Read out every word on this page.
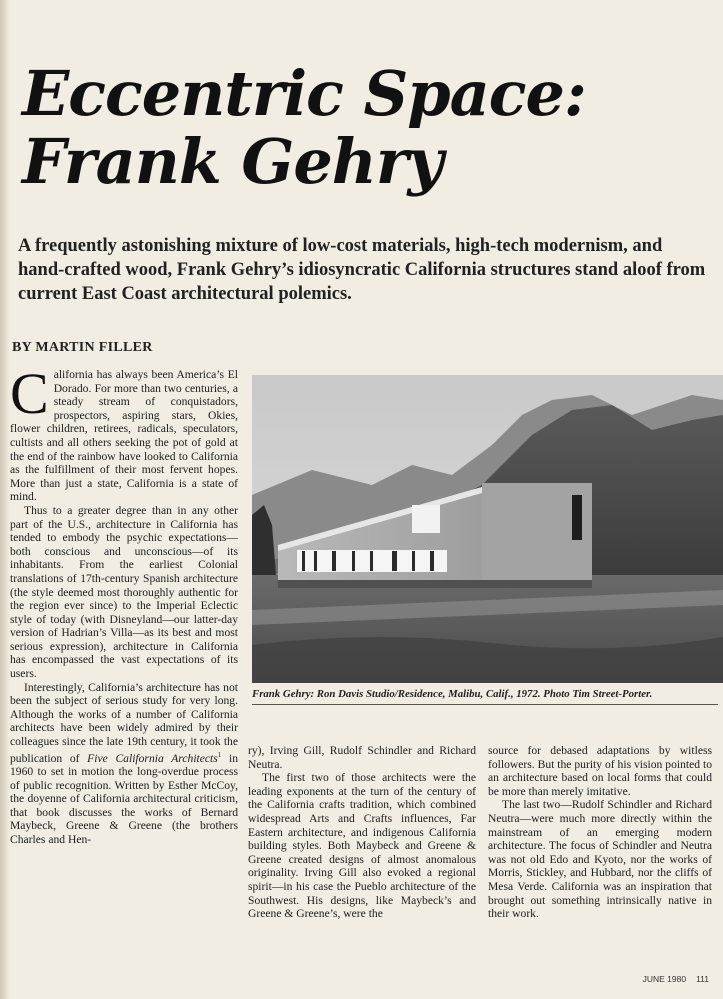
Eccentric Space:
Frank Gehry

A frequently astonishing mixture of low-cost materials, high-tech modernism, and hand-crafted wood, Frank Gehry’s idiosyncratic California structures stand aloof from current East Coast architectural polemics.

BY MARTIN FILLER

California has always been America’s El Dorado. For more than two centuries, a steady stream of conquistadors, prospectors, aspiring stars, Okies, flower children, retirees, radicals, speculators, cultists and all others seeking the pot of gold at the end of the rainbow have looked to California as the fulfillment of their most fervent hopes. More than just a state, California is a state of mind.

Thus to a greater degree than in any other part of the U.S., architecture in California has tended to embody the psychic expectations—both conscious and unconscious—of its inhabitants. From the earliest Colonial translations of 17th-century Spanish architecture (the style deemed most thoroughly authentic for the region ever since) to the Imperial Eclectic style of today (with Disneyland—our latter-day version of Hadrian’s Villa—as its best and most serious expression), architecture in California has encompassed the vast expectations of its users.

Interestingly, California’s architecture has not been the subject of serious study for very long. Although the works of a number of California architects have been widely admired by their colleagues since the late 19th century, it took the publication of Five California Architects$^1$ in 1960 to set in motion the long-overdue process of public recognition. Written by Esther McCoy, the doyenne of California architectural criticism, that book discusses the works of Bernard Maybeck, Greene & Greene (the brothers Charles and Hen-

Frank Gehry: Ron Davis Studio/Residence, Malibu, Calif., 1972. Photo Tim Street-Porter.

ry), Irving Gill, Rudolf Schindler and Richard Neutra.

The first two of those architects were the leading exponents at the turn of the century of the California crafts tradition, which combined widespread Arts and Crafts influences, Far Eastern architecture, and indigenous California building styles. Both Maybeck and Greene & Greene created designs of almost anomalous originality. Irving Gill also evoked a regional spirit—in his case the Pueblo architecture of the Southwest. His designs, like Maybeck’s and Greene & Greene’s, were the

source for debased adaptations by witless followers. But the purity of his vision pointed to an architecture based on local forms that could be more than merely imitative.

The last two—Rudolf Schindler and Richard Neutra—were much more directly within the mainstream of an emerging modern architecture. The focus of Schindler and Neutra was not old Edo and Kyoto, nor the works of Morris, Stickley, and Hubbard, nor the cliffs of Mesa Verde. California was an inspiration that brought out something intrinsically native in their work.

JUNE 1980 111
